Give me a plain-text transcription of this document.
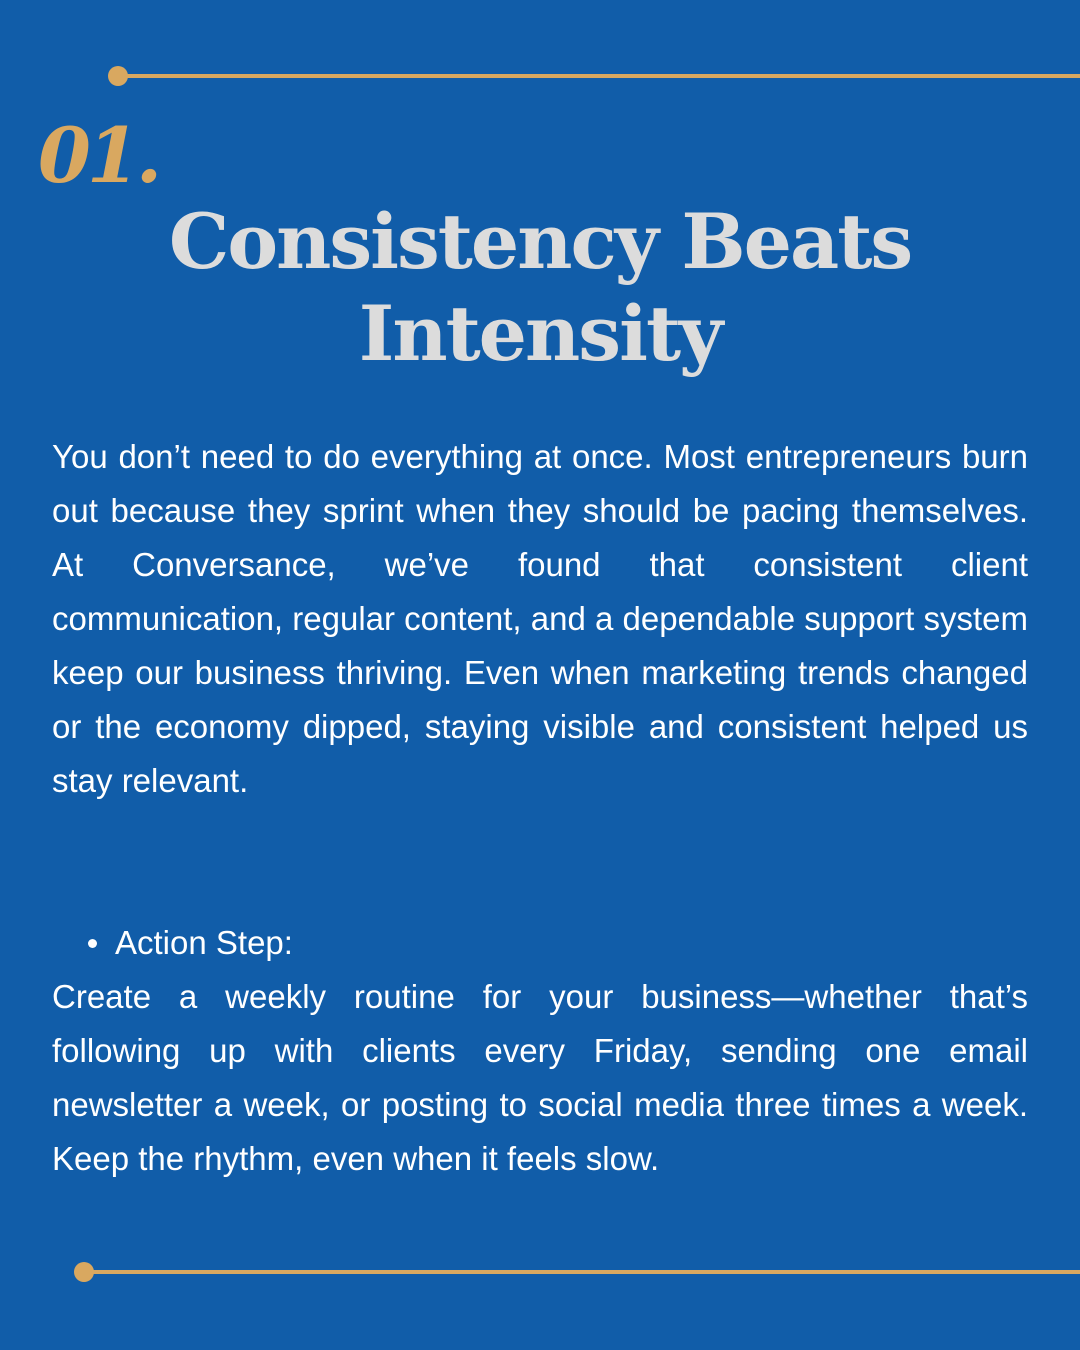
01.
Consistency Beats
Intensity

You don’t need to do everything at once. Most entrepreneurs burn out because they sprint when they should be pacing themselves. At Conversance, we’ve found that consistent client communication, regular content, and a dependable support system keep our business thriving. Even when marketing trends changed or the economy dipped, staying visible and consistent helped us stay relevant.

Action Step:

Create a weekly routine for your business—whether that’s following up with clients every Friday, sending one email newsletter a week, or posting to social media three times a week. Keep the rhythm, even when it feels slow.
